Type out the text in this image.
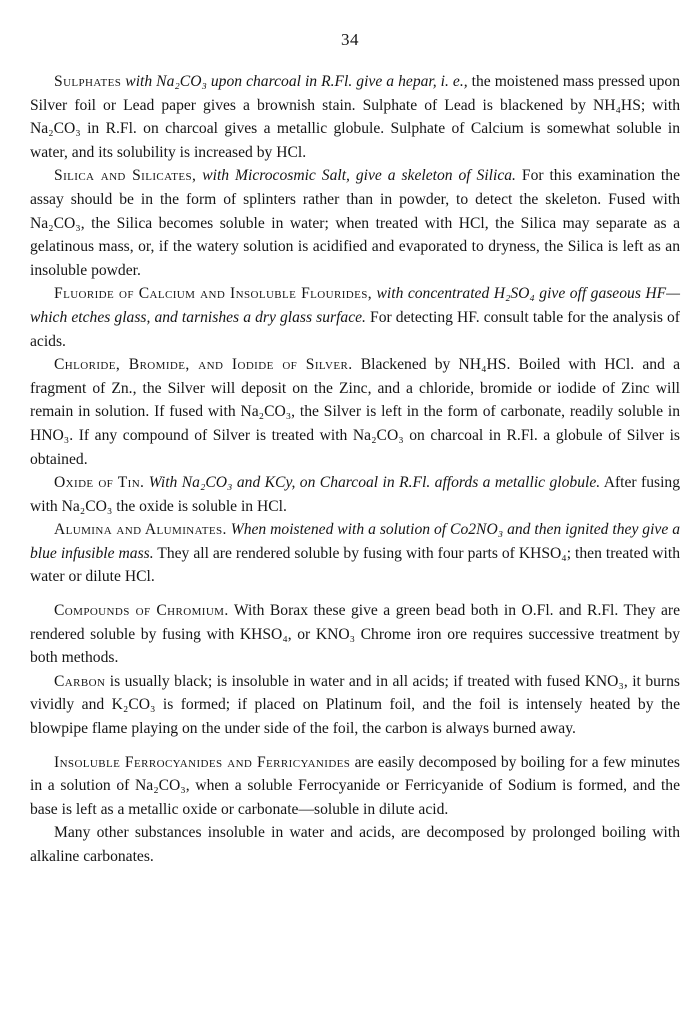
34

Sulphates with Na₂CO₃ upon charcoal in R.Fl. give a hepar, i. e., the moistened mass pressed upon Silver foil or Lead paper gives a brownish stain. Sulphate of Lead is blackened by NH₄HS; with Na₂CO₃ in R.Fl. on charcoal gives a metallic globule. Sulphate of Calcium is somewhat soluble in water, and its solubility is increased by HCl.

Silica and Silicates, with Microcosmic Salt, give a skeleton of Silica. For this examination the assay should be in the form of splinters rather than in powder, to detect the skeleton. Fused with Na₂CO₃, the Silica becomes soluble in water; when treated with HCl, the Silica may separate as a gelatinous mass, or, if the watery solution is acidified and evaporated to dryness, the Silica is left as an insoluble powder.

Fluoride of Calcium and Insoluble Flourides, with concentrated H₂SO₄ give off gaseous HF— which etches glass, and tarnishes a dry glass surface. For detecting HF. consult table for the analysis of acids.

Chloride, Bromide, and Iodide of Silver. Blackened by NH₄HS. Boiled with HCl. and a fragment of Zn., the Silver will deposit on the Zinc, and a chloride, bromide or iodide of Zinc will remain in solution. If fused with Na₂CO₃, the Silver is left in the form of carbonate, readily soluble in HNO₃. If any compound of Silver is treated with Na₂CO₃ on charcoal in R.Fl. a globule of Silver is obtained.

Oxide of Tin. With Na₂CO₃ and KCy, on Charcoal in R.Fl. affords a metallic globule. After fusing with Na₂CO₃ the oxide is soluble in HCl.

Alumina and Aluminates. When moistened with a solution of Co2NO₃ and then ignited they give a blue infusible mass. They all are rendered soluble by fusing with four parts of KHSO₄; then treated with water or dilute HCl.

Compounds of Chromium. With Borax these give a green bead both in O.Fl. and R.Fl. They are rendered soluble by fusing with KHSO₄, or KNO₃ Chrome iron ore requires successive treatment by both methods.

Carbon is usually black; is insoluble in water and in all acids; if treated with fused KNO₃, it burns vividly and K₂CO₃ is formed; if placed on Platinum foil, and the foil is intensely heated by the blowpipe flame playing on the under side of the foil, the carbon is always burned away.

Insoluble Ferrocyanides and Ferricyanides are easily decomposed by boiling for a few minutes in a solution of Na₂CO₃, when a soluble Ferrocyanide or Ferricyanide of Sodium is formed, and the base is left as a metallic oxide or carbonate—soluble in dilute acid.

Many other substances insoluble in water and acids, are decomposed by prolonged boiling with alkaline carbonates.
